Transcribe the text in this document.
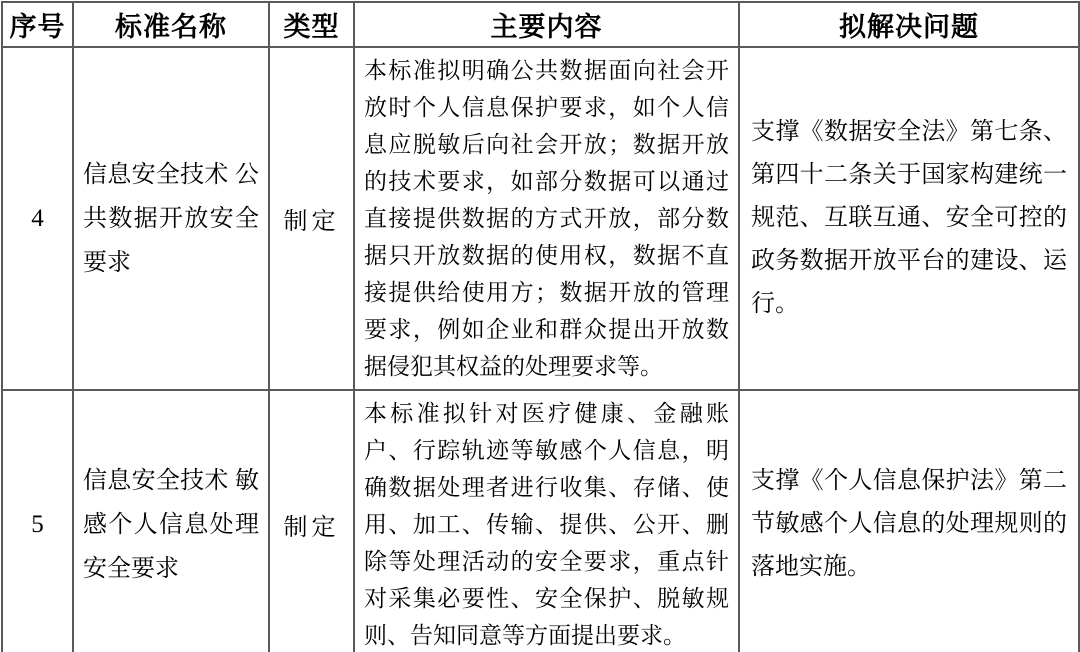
序号	标准名称	类型	主要内容	拟解决问题
4	信息安全技术 公共数据开放安全要求	制定	本标准拟明确公共数据面向社会开放时个人信息保护要求，如个人信息应脱敏后向社会开放；数据开放的技术要求，如部分数据可以通过直接提供数据的方式开放，部分数据只开放数据的使用权，数据不直接提供给使用方；数据开放的管理要求，例如企业和群众提出开放数据侵犯其权益的处理要求等。	支撑《数据安全法》第七条、第四十二条关于国家构建统一规范、互联互通、安全可控的政务数据开放平台的建设、运行。
5	信息安全技术 敏感个人信息处理安全要求	制定	本标准拟针对医疗健康、金融账户、行踪轨迹等敏感个人信息，明确数据处理者进行收集、存储、使用、加工、传输、提供、公开、删除等处理活动的安全要求，重点针对采集必要性、安全保护、脱敏规则、告知同意等方面提出要求。	支撑《个人信息保护法》第二节敏感个人信息的处理规则的落地实施。
